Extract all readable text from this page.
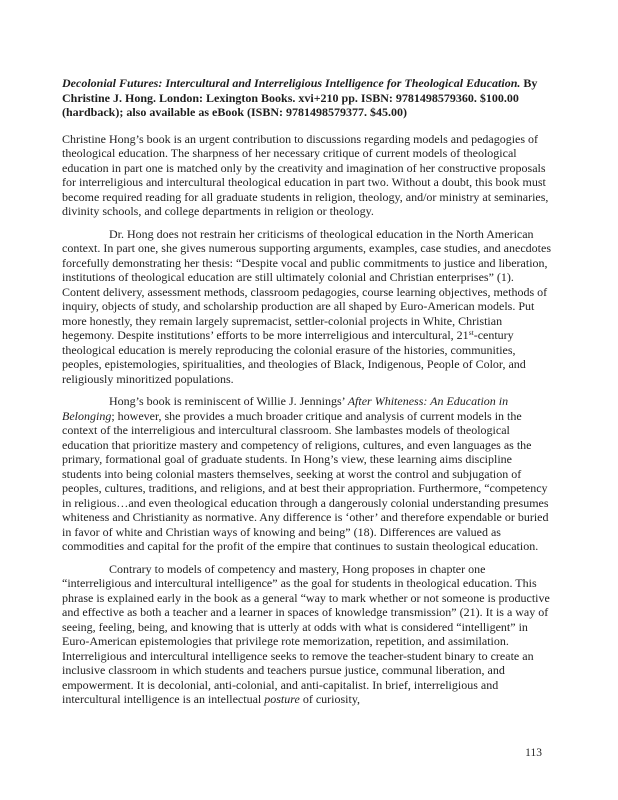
Decolonial Futures: Intercultural and Interreligious Intelligence for Theological Education. By Christine J. Hong. London: Lexington Books. xvi+210 pp. ISBN: 9781498579360. $100.00 (hardback); also available as eBook (ISBN: 9781498579377. $45.00)

Christine Hong’s book is an urgent contribution to discussions regarding models and pedagogies of theological education. The sharpness of her necessary critique of current models of theological education in part one is matched only by the creativity and imagination of her constructive proposals for interreligious and intercultural theological education in part two. Without a doubt, this book must become required reading for all graduate students in religion, theology, and/or ministry at seminaries, divinity schools, and college departments in religion or theology.

Dr. Hong does not restrain her criticisms of theological education in the North American context. In part one, she gives numerous supporting arguments, examples, case studies, and anecdotes forcefully demonstrating her thesis: “Despite vocal and public commitments to justice and liberation, institutions of theological education are still ultimately colonial and Christian enterprises” (1). Content delivery, assessment methods, classroom pedagogies, course learning objectives, methods of inquiry, objects of study, and scholarship production are all shaped by Euro-American models. Put more honestly, they remain largely supremacist, settler-colonial projects in White, Christian hegemony. Despite institutions’ efforts to be more interreligious and intercultural, 21st-century theological education is merely reproducing the colonial erasure of the histories, communities, peoples, epistemologies, spiritualities, and theologies of Black, Indigenous, People of Color, and religiously minoritized populations.

Hong’s book is reminiscent of Willie J. Jennings’ After Whiteness: An Education in Belonging; however, she provides a much broader critique and analysis of current models in the context of the interreligious and intercultural classroom. She lambastes models of theological education that prioritize mastery and competency of religions, cultures, and even languages as the primary, formational goal of graduate students. In Hong’s view, these learning aims discipline students into being colonial masters themselves, seeking at worst the control and subjugation of peoples, cultures, traditions, and religions, and at best their appropriation. Furthermore, “competency in religious…and even theological education through a dangerously colonial understanding presumes whiteness and Christianity as normative. Any difference is ‘other’ and therefore expendable or buried in favor of white and Christian ways of knowing and being” (18). Differences are valued as commodities and capital for the profit of the empire that continues to sustain theological education.

Contrary to models of competency and mastery, Hong proposes in chapter one “interreligious and intercultural intelligence” as the goal for students in theological education. This phrase is explained early in the book as a general “way to mark whether or not someone is productive and effective as both a teacher and a learner in spaces of knowledge transmission” (21). It is a way of seeing, feeling, being, and knowing that is utterly at odds with what is considered “intelligent” in Euro-American epistemologies that privilege rote memorization, repetition, and assimilation. Interreligious and intercultural intelligence seeks to remove the teacher-student binary to create an inclusive classroom in which students and teachers pursue justice, communal liberation, and empowerment. It is decolonial, anti-colonial, and anti-capitalist. In brief, interreligious and intercultural intelligence is an intellectual posture of curiosity,

113
